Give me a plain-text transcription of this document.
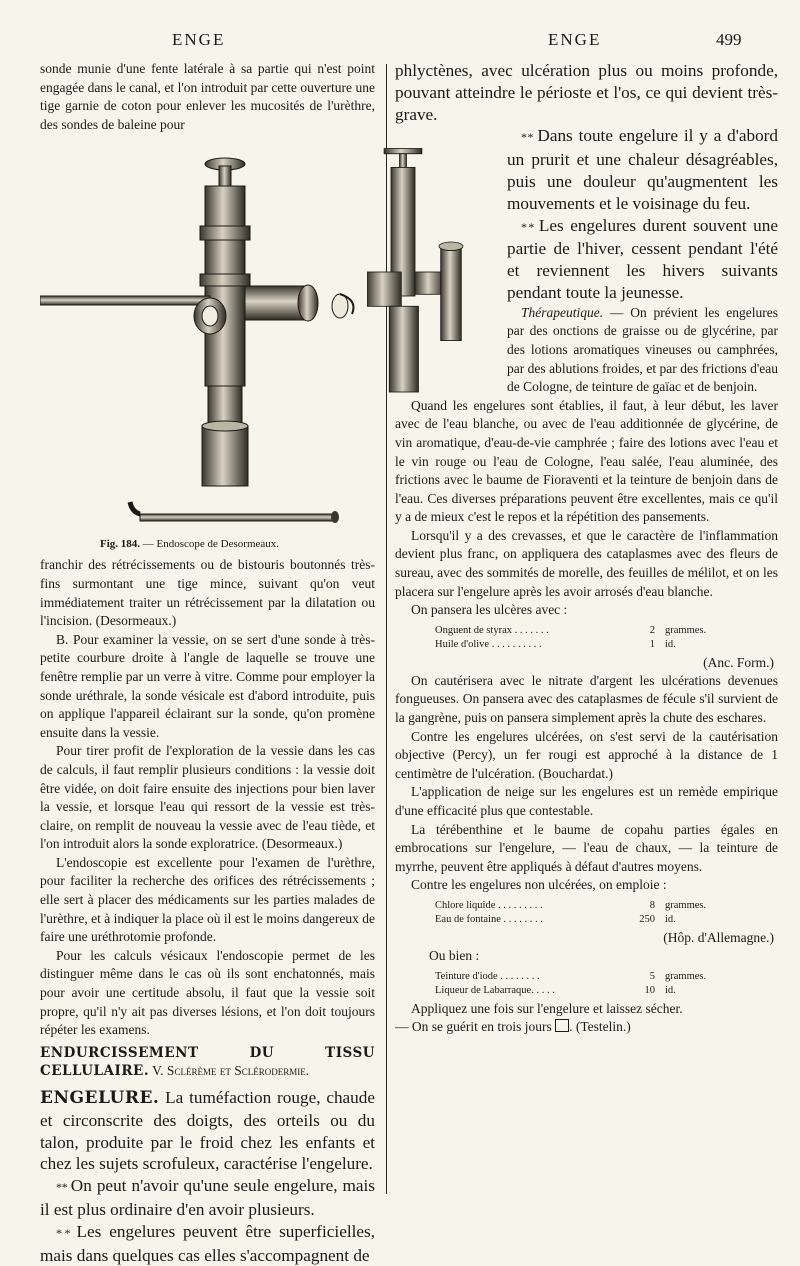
ENGE	ENGE	499

sonde munie d'une fente latérale à sa partie qui n'est point engagée dans le canal, et l'on introduit par cette ouverture une tige garnie de coton pour enlever les mucosités de l'urèthre, des sondes de baleine pour

Fig. 184. — Endoscope de Desormeaux.

franchir des rétrécissements ou de bistouris boutonnés très-fins surmontant une tige mince, suivant qu'on veut immédiatement traiter un rétrécissement par la dilatation ou l'incision. (Desormeaux.)

B. Pour examiner la vessie, on se sert d'une sonde à très-petite courbure droite à l'angle de laquelle se trouve une fenêtre remplie par un verre à vitre. Comme pour employer la sonde uréthrale, la sonde vésicale est d'abord introduite, puis on applique l'appareil éclairant sur la sonde, qu'on promène ensuite dans la vessie.

Pour tirer profit de l'exploration de la vessie dans les cas de calculs, il faut remplir plusieurs conditions : la vessie doit être vidée, on doit faire ensuite des injections pour bien laver la vessie, et lorsque l'eau qui ressort de la vessie est très-claire, on remplit de nouveau la vessie avec de l'eau tiède, et l'on introduit alors la sonde exploratrice. (Desormeaux.)

L'endoscopie est excellente pour l'examen de l'urèthre, pour faciliter la recherche des orifices des rétrécissements ; elle sert à placer des médicaments sur les parties malades de l'urèthre, et à indiquer la place où il est le moins dangereux de faire une uréthrotomie profonde.

Pour les calculs vésicaux l'endoscopie permet de les distinguer même dans le cas où ils sont enchatonnés, mais pour avoir une certitude absolu, il faut que la vessie soit propre, qu'il n'y ait pas diverses lésions, et l'on doit toujours répéter les examens.

ENDURCISSEMENT DU TISSU CELLULAIRE. V. Sclérème et Sclérodermie.

ENGELURE. La tuméfaction rouge, chaude et circonscrite des doigts, des orteils ou du talon, produite par le froid chez les enfants et chez les sujets scrofuleux, caractérise l'engelure.

* * On peut n'avoir qu'une seule engelure, mais il est plus ordinaire d'en avoir plusieurs.

* * Les engelures peuvent être superficielles, mais dans quelques cas elles s'accompagnent de

phlyctènes, avec ulcération plus ou moins profonde, pouvant atteindre le périoste et l'os, ce qui devient très-grave.

* * Dans toute engelure il y a d'abord un prurit et une chaleur désagréables, puis une douleur qu'augmentent les mouvements et le voisinage du feu.

* * Les engelures durent souvent une partie de l'hiver, cessent pendant l'été et reviennent les hivers suivants pendant toute la jeunesse.

Thérapeutique. — On prévient les engelures par des onctions de graisse ou de glycérine, par des lotions aromatiques vineuses ou camphrées, par des ablutions froides, et par des frictions d'eau de Cologne, de teinture de gaïac et de benjoin.

Quand les engelures sont établies, il faut, à leur début, les laver avec de l'eau blanche, ou avec de l'eau additionnée de glycérine, de vin aromatique, d'eau-de-vie camphrée ; faire des lotions avec l'eau et le vin rouge ou l'eau de Cologne, l'eau salée, l'eau aluminée, des frictions avec le baume de Fioraventi et la teinture de benjoin dans de l'eau. Ces diverses préparations peuvent être excellentes, mais ce qu'il y a de mieux c'est le repos et la répétition des pansements.

Lorsqu'il y a des crevasses, et que le caractère de l'inflammation devient plus franc, on appliquera des cataplasmes avec des fleurs de sureau, avec des sommités de morelle, des feuilles de mélilot, et on les placera sur l'engelure après les avoir arrosés d'eau blanche.

On pansera les ulcères avec :

Onguent de styrax . . . . . . .	2 grammes.
Huile d'olive . . . . . . . . . .	1 id.
(Anc. Form.)

On cautérisera avec le nitrate d'argent les ulcérations devenues fongueuses. On pansera avec des cataplasmes de fécule s'il survient de la gangrène, puis on pansera simplement après la chute des eschares.

Contre les engelures ulcérées, on s'est servi de la cautérisation objective (Percy), un fer rougi est approché à la distance de 1 centimètre de l'ulcération. (Bouchardat.)

L'application de neige sur les engelures est un remède empirique d'une efficacité plus que contestable.

La térébenthine et le baume de copahu parties égales en embrocations sur l'engelure, — l'eau de chaux, — la teinture de myrrhe, peuvent être appliqués à défaut d'autres moyens.

Contre les engelures non ulcérées, on emploie :

Chlore liquide . . . . . . . . .	8 grammes.
Eau de fontaine . . . . . . . .	250 id.
(Hôp. d'Allemagne.)

Ou bien :

Teinture d'iode . . . . . . . .	5 grammes.
Liqueur de Labarraque. . . . .	10 id.

Appliquez une fois sur l'engelure et laissez sécher.

— On se guérit en trois jours . (Testelin.)
